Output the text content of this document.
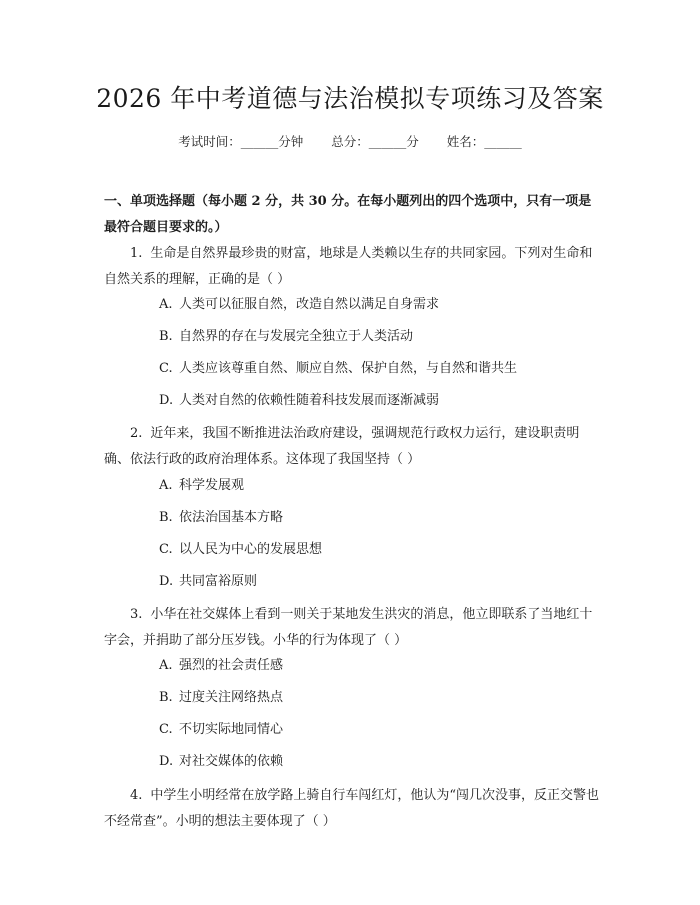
2026 年中考道德与法治模拟专项练习及答案
考试时间：______分钟 总分：______分 姓名：______

一、单项选择题（每小题 2 分，共 30 分。在每小题列出的四个选项中，只有一项是最符合题目要求的。）

1. 生命是自然界最珍贵的财富，地球是人类赖以生存的共同家园。下列对生命和自然关系的理解，正确的是（ ）

A. 人类可以征服自然，改造自然以满足自身需求

B. 自然界的存在与发展完全独立于人类活动

C. 人类应该尊重自然、顺应自然、保护自然，与自然和谐共生

D. 人类对自然的依赖性随着科技发展而逐渐减弱

2. 近年来，我国不断推进法治政府建设，强调规范行政权力运行，建设职责明确、依法行政的政府治理体系。这体现了我国坚持（ ）

A. 科学发展观

B. 依法治国基本方略

C. 以人民为中心的发展思想

D. 共同富裕原则

3. 小华在社交媒体上看到一则关于某地发生洪灾的消息，他立即联系了当地红十字会，并捐助了部分压岁钱。小华的行为体现了（ ）

A. 强烈的社会责任感

B. 过度关注网络热点

C. 不切实际地同情心

D. 对社交媒体的依赖

4. 中学生小明经常在放学路上骑自行车闯红灯，他认为“闯几次没事，反正交警也不经常查”。小明的想法主要体现了（ ）
